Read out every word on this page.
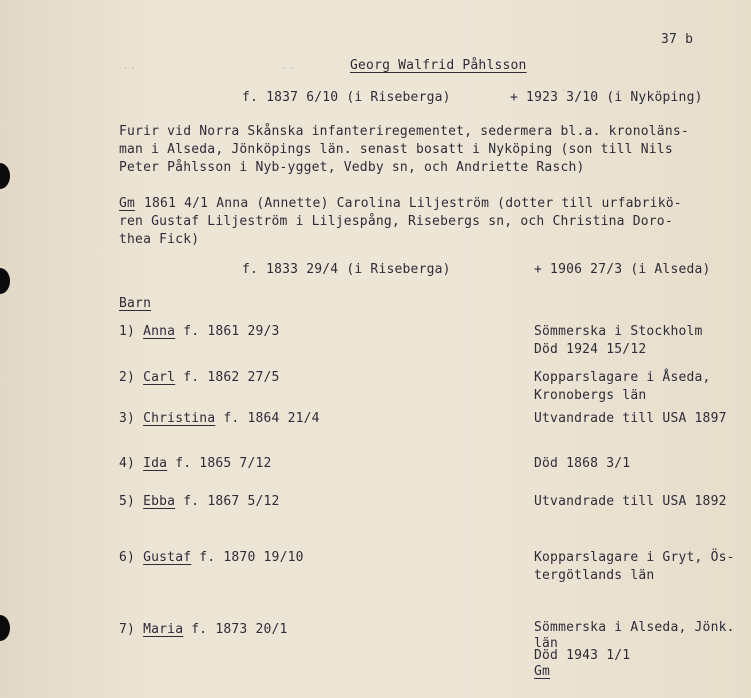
..                    ..
.  .
37 b
Georg Walfrid Påhlsson
f. 1837 6/10 (i Riseberga)	+ 1923 3/10 (i Nyköping)
Furir vid Norra Skånska infanteriregementet, sedermera bl.a. kronoläns-
man i Alseda, Jönköpings län. senast bosatt i Nyköping (son till Nils
Peter Påhlsson i Nyb-ygget, Vedby sn, och Andriette Rasch)
Gm 1861 4/1 Anna (Annette) Carolina Liljeström (dotter till urfabrikö-
ren Gustaf Liljeström i Liljespång, Risebergs sn, och Christina Doro-
thea Fick)
f. 1833 29/4 (i Riseberga)	+ 1906 27/3 (i Alseda)
Barn
1) Anna f. 1861 29/3	Sömmerska i Stockholm
Död 1924 15/12
2) Carl f. 1862 27/5	Kopparslagare i Åseda,
Kronobergs län
3) Christina f. 1864 21/4	Utvandrade till USA 1897
4) Ida f. 1865 7/12	Död 1868 3/1
5) Ebba f. 1867 5/12	Utvandrade till USA 1892
6) Gustaf f. 1870 19/10	Kopparslagare i Gryt, Ös-
tergötlands län
7) Maria f. 1873 20/1	Sömmerska i Alseda, Jönk.
län
Död 1943 1/1
Gm
